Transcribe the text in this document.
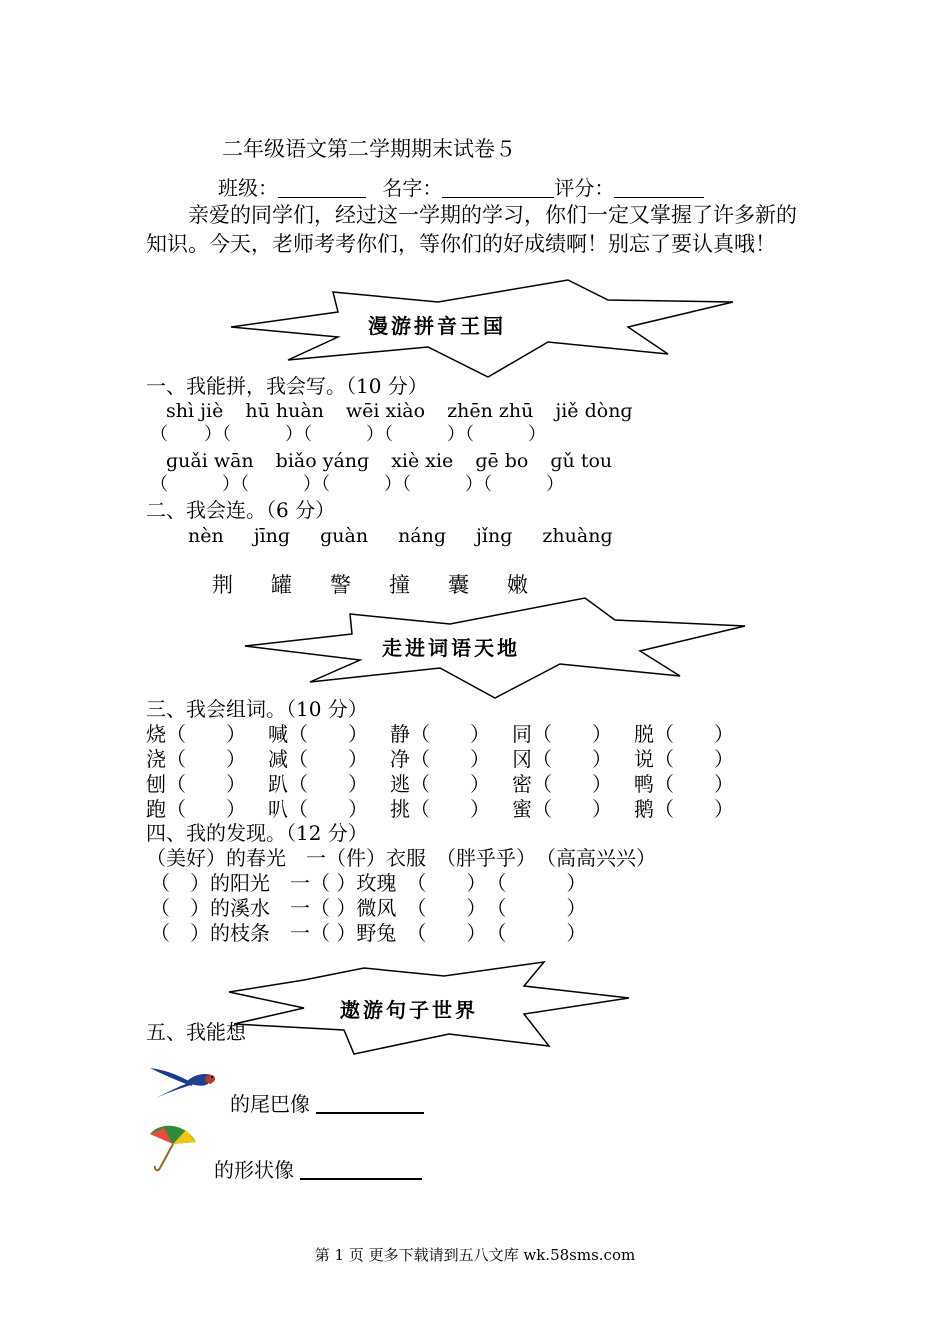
二年级语文第二学期期末试卷５
班级：	名字：	评分：
亲爱的同学们，经过这一学期的学习，你们一定又掌握了许多新的知识。今天，老师考考你们，等你们的好成绩啊！别忘了要认真哦！
漫游拼音王国
一、我能拼，我会写。（10 分）
shì jiè hū huàn wēi xiào zhēn zhū jiě dònɡ
（　　）（　　　）（　　　）（　　　）（　　　）
ɡuǎi wān biǎo yánɡ xiè xie ɡē bo ɡǔ tou
（　　　）（　　　）（　　　）（　　　）（　　　）
二、我会连。（6 分）
nèn jīnɡ ɡuàn nánɡ jǐnɡ zhuànɡ
荆 罐 警 撞 囊 嫩
走进词语天地
三、我会组词。（10 分）
烧（　　） 喊（　　） 静（　　） 同（　　） 脱（　　）
浇（　　） 减（　　） 净（　　） 冈（　　） 说（　　）
刨（　　） 趴（　　） 逃（　　） 密（　　） 鸭（　　）
跑（　　） 叭（　　） 挑（　　） 蜜（　　） 鹅（　　）
四、我的发现。（12 分）
（美好）的春光　一（件）衣服　（胖乎乎）　（高高兴兴）
（　）的阳光　一（ ）玫瑰　（　　）　（　　　）
（　）的溪水　一（ ）微风　（　　）　（　　　）
（　）的枝条　一（ ）野兔　（　　）　（　　　）
五、我能想
遨游句子世界
的尾巴像
的形状像
第 1 页 更多下载请到五八文库 wk.58sms.com
